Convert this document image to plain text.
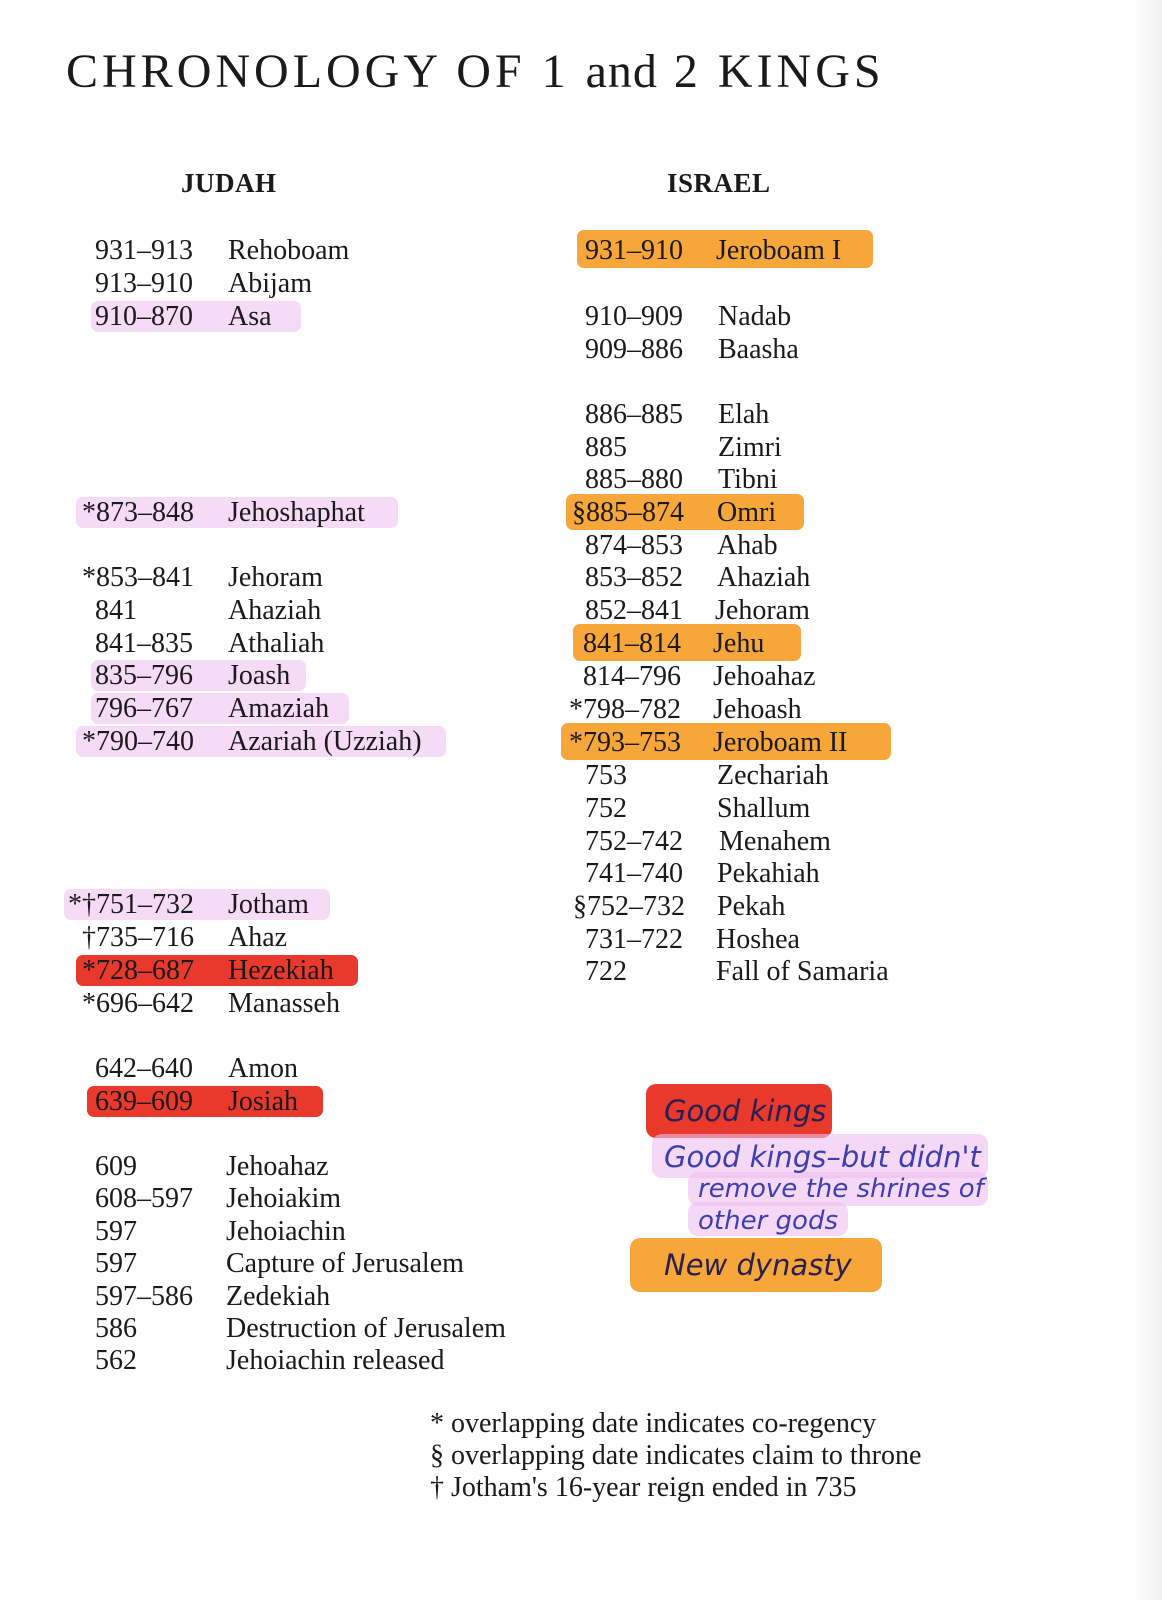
CHRONOLOGY OF 1 and 2 KINGS
JUDAH	ISRAEL
931–913 Rehoboam
913–910 Abijam
910–870 Asa
*873–848 Jehoshaphat
*853–841 Jehoram
841	Ahaziah
841–835 Athaliah
835–796 Joash
796–767 Amaziah
*790–740 Azariah (Uzziah)
*†751–732 Jotham
†735–716 Ahaz
*728–687 Hezekiah
*696–642 Manasseh
642–640 Amon
639–609 Josiah
609	Jehoahaz
608–597 Jehoiakim
597	Jehoiachin
597	Capture of Jerusalem
597–586 Zedekiah
586	Destruction of Jerusalem
562	Jehoiachin released
931–910 Jeroboam I
910–909 Nadab
909–886 Baasha
886–885 Elah
885	Zimri
885–880 Tibni
§885–874 Omri
874–853 Ahab
853–852 Ahaziah
852–841 Jehoram
841–814 Jehu
814–796 Jehoahaz
*798–782 Jehoash
*793–753 Jeroboam II
753	Zechariah
752	Shallum
752–742 Menahem
741–740 Pekahiah
§752–732 Pekah
731–722 Hoshea
722	Fall of Samaria
Good kings
Good kings–but didn't
remove the shrines of
other gods
New dynasty
* overlapping date indicates co-regency
§ overlapping date indicates claim to throne
† Jotham's 16-year reign ended in 735
